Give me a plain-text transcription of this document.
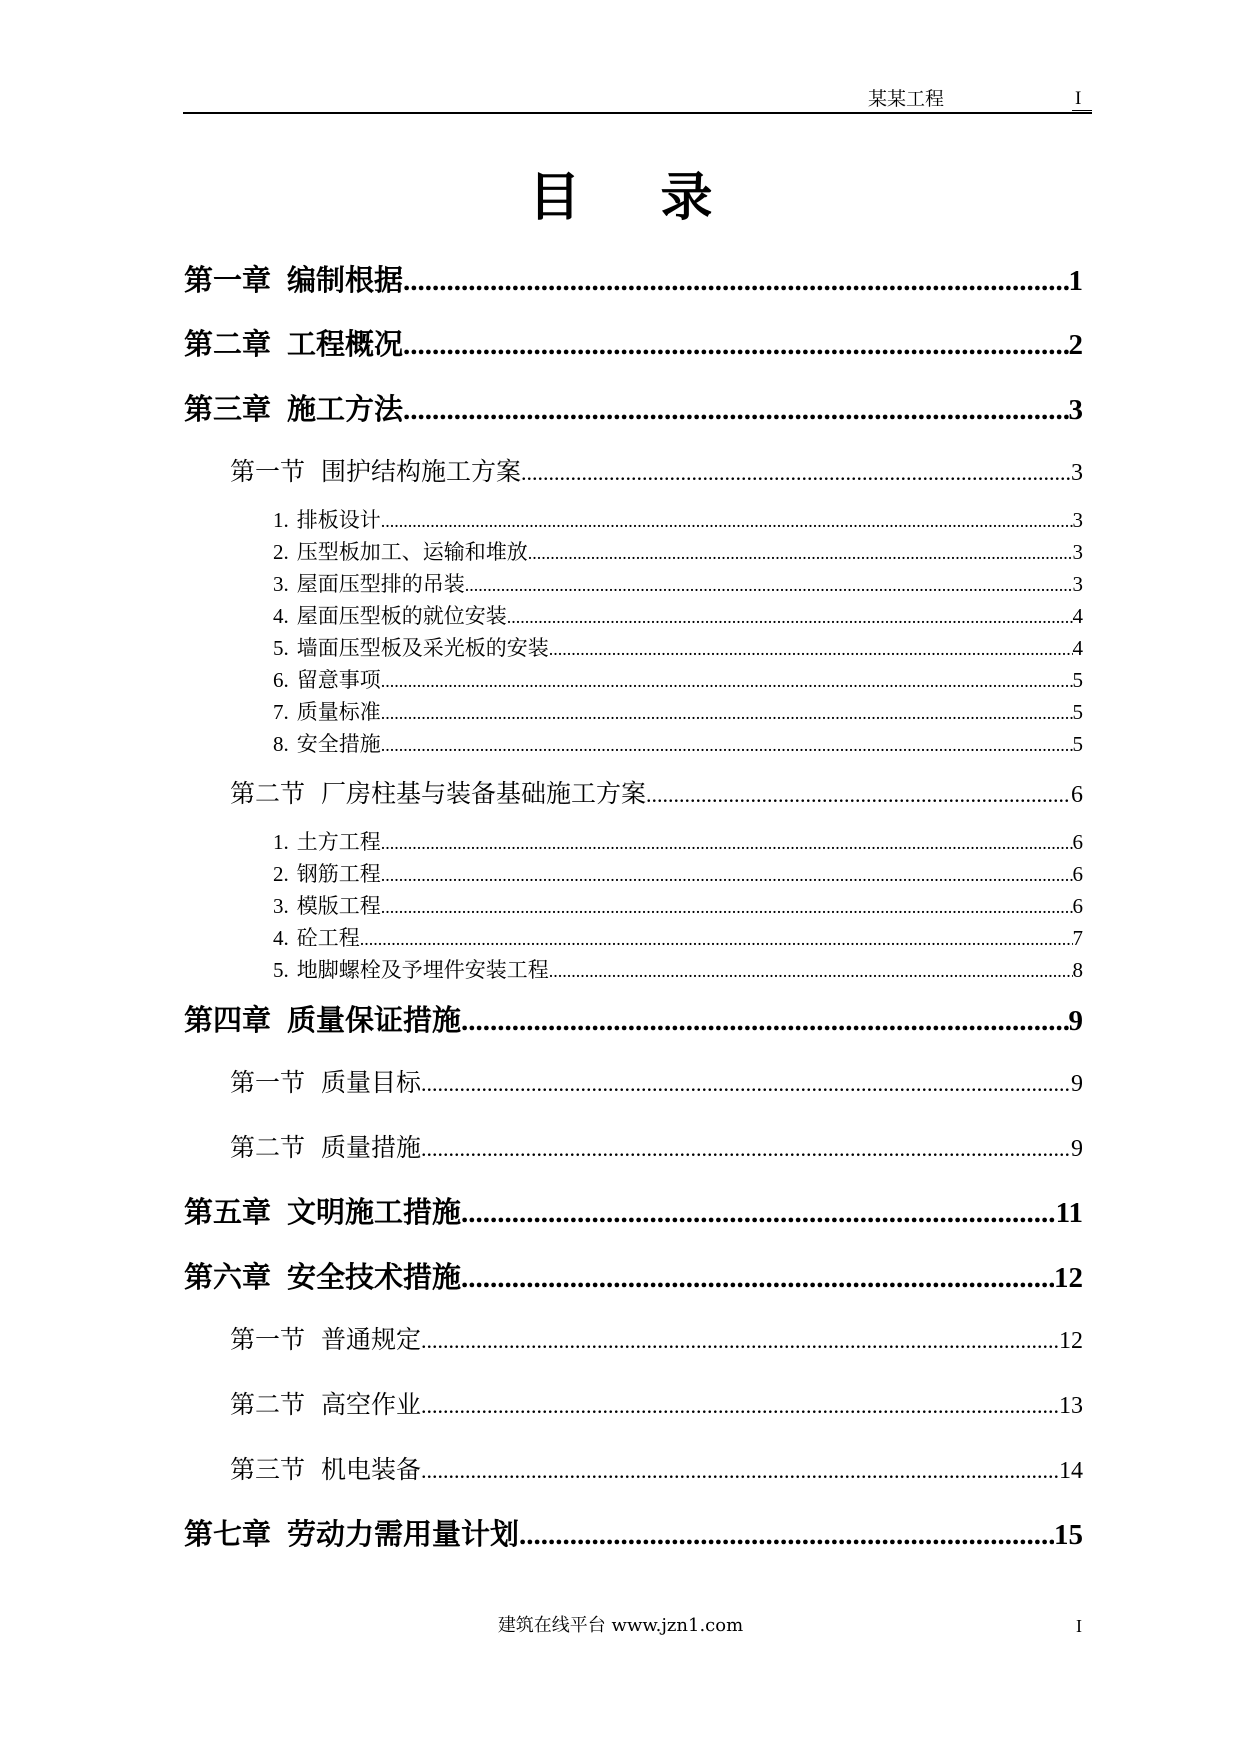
某某工程	I
目录
第一章 编制根据 .....	1
第二章 工程概况 .....	2
第三章 施工方法 .....	3
第一节 围护结构施工方案 .....	3
1. 排板设计 .....	3
2. 压型板加工、运输和堆放 .....	3
3. 屋面压型排的吊装 .....	3
4. 屋面压型板的就位安装 .....	4
5. 墙面压型板及采光板的安装 .....	4
6. 留意事项 .....	5
7. 质量标准 .....	5
8. 安全措施 .....	5
第二节 厂房柱基与装备基础施工方案 .....	6
1. 土方工程 .....	6
2. 钢筋工程 .....	6
3. 模版工程 .....	6
4. 砼工程 .....	7
5. 地脚螺栓及予埋件安装工程 .....	8
第四章 质量保证措施 .....	9
第一节 质量目标 .....	9
第二节 质量措施 .....	9
第五章 文明施工措施 .....	11
第六章 安全技术措施 .....	12
第一节 普通规定 .....	12
第二节 高空作业 .....	13
第三节 机电装备 .....	14
第七章 劳动力需用量计划 .....	15
建筑在线平台 www.jzn1.com	I
